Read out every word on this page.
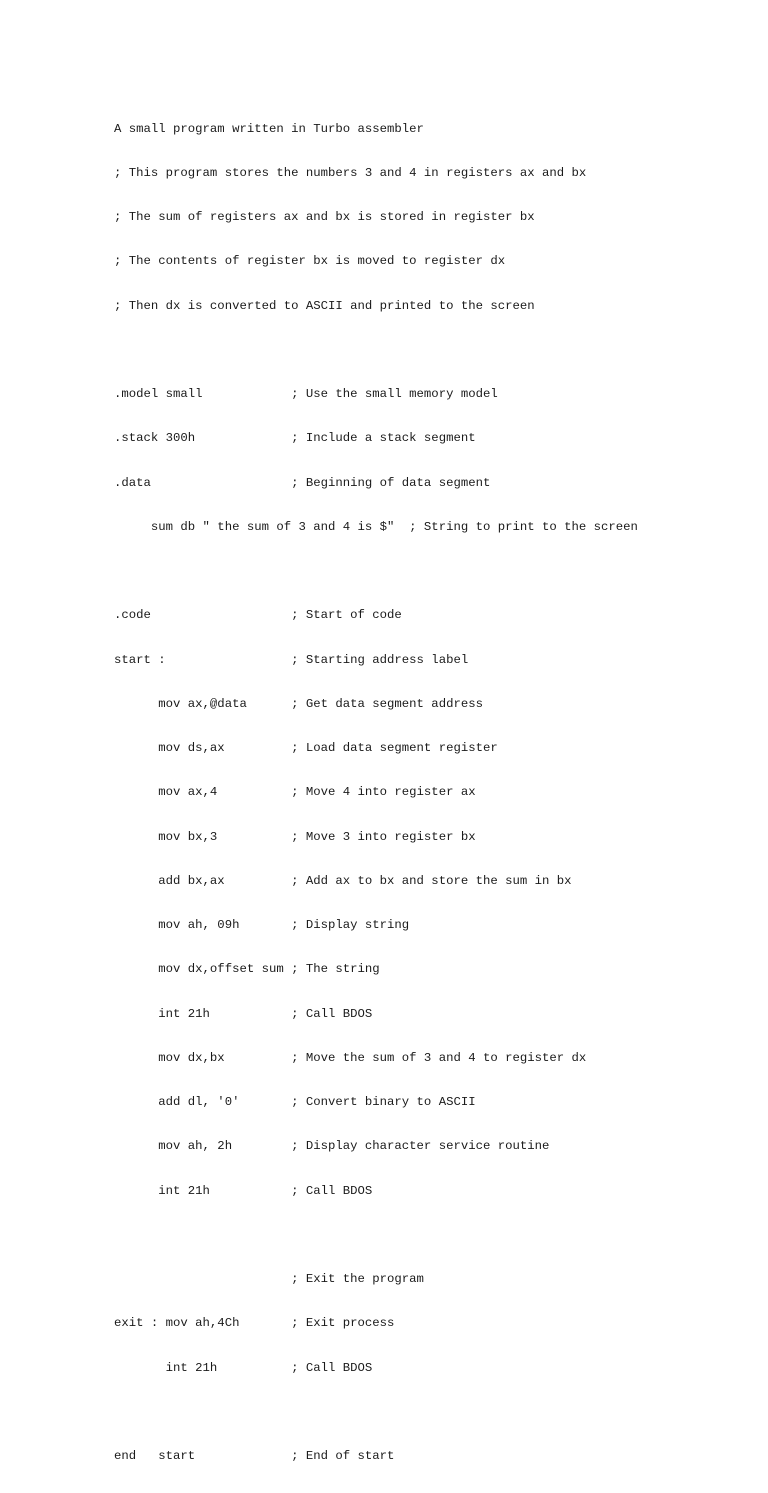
A small program written in Turbo assembler

; This program stores the numbers 3 and 4 in registers ax and bx

; The sum of registers ax and bx is stored in register bx

; The contents of register bx is moved to register dx

; Then dx is converted to ASCII and printed to the screen

.model small            ; Use the small memory model

.stack 300h             ; Include a stack segment

.data                   ; Beginning of data segment

sum db " the sum of 3 and 4 is $"  ; String to print to the screen

.code                   ; Start of code

start :                 ; Starting address label

mov ax,@data      ; Get data segment address

mov ds,ax         ; Load data segment register

mov ax,4          ; Move 4 into register ax

mov bx,3          ; Move 3 into register bx

add bx,ax         ; Add ax to bx and store the sum in bx

mov ah, 09h       ; Display string

mov dx,offset sum ; The string

int 21h           ; Call BDOS

mov dx,bx         ; Move the sum of 3 and 4 to register dx

add dl, '0'       ; Convert binary to ASCII

mov ah, 2h        ; Display character service routine

int 21h           ; Call BDOS

; Exit the program

exit : mov ah,4Ch       ; Exit process

int 21h          ; Call BDOS

end   start             ; End of start
